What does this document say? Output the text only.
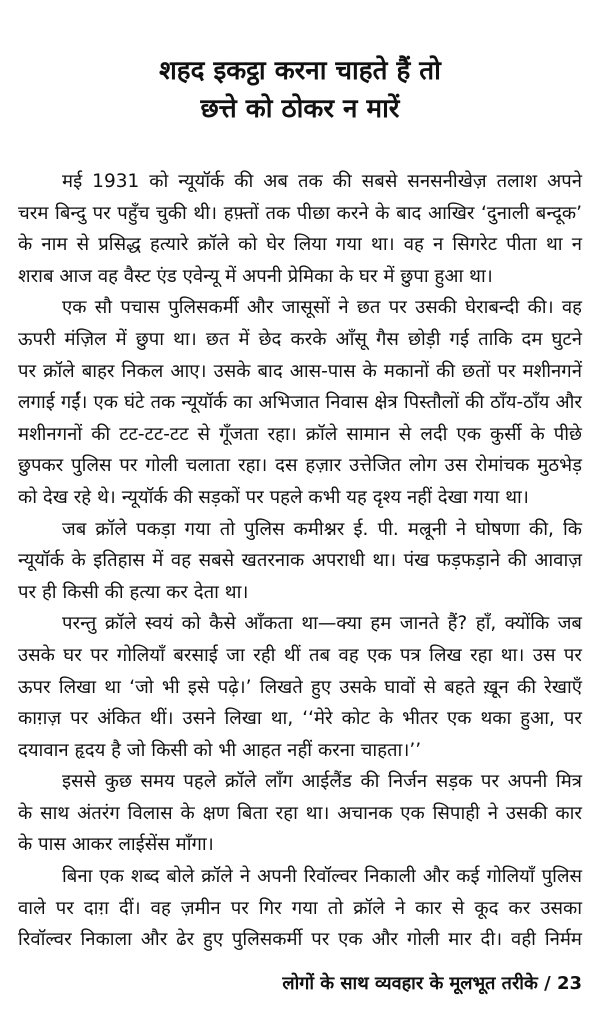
शहद इकट्ठा करना चाहते हैं तो
छत्ते को ठोकर न मारें
मई 1931 को न्यूयॉर्क की अब तक की सबसे सनसनीखेज़ तलाश अपने
चरम बिन्दु पर पहुँच चुकी थी। हफ़्तों तक पीछा करने के बाद आखिर ‘दुनाली बन्दूक’
के नाम से प्रसिद्ध हत्यारे क्रॉले को घेर लिया गया था। वह न सिगरेट पीता था न
शराब आज वह वैस्ट एंड एवेन्यू में अपनी प्रेमिका के घर में छुपा हुआ था।
एक सौ पचास पुलिसकर्मी और जासूसों ने छत पर उसकी घेराबन्दी की। वह
ऊपरी मंज़िल में छुपा था। छत में छेद करके आँसू गैस छोड़ी गई ताकि दम घुटने
पर क्रॉले बाहर निकल आए। उसके बाद आस-पास के मकानों की छतों पर मशीनगनें
लगाई गईं। एक घंटे तक न्यूयॉर्क का अभिजात निवास क्षेत्र पिस्तौलों की ठाँय-ठाँय और
मशीनगनों की टट-टट-टट से गूँजता रहा। क्रॉले सामान से लदी एक कुर्सी के पीछे
छुपकर पुलिस पर गोली चलाता रहा। दस हज़ार उत्तेजित लोग उस रोमांचक मुठभेड़
को देख रहे थे। न्यूयॉर्क की सड़कों पर पहले कभी यह दृश्य नहीं देखा गया था।
जब क्रॉले पकड़ा गया तो पुलिस कमीश्नर ई. पी. मल्रूनी ने घोषणा की, कि
न्यूयॉर्क के इतिहास में वह सबसे खतरनाक अपराधी था। पंख फड़फड़ाने की आवाज़
पर ही किसी की हत्या कर देता था।
परन्तु क्रॉले स्वयं को कैसे आँकता था—क्या हम जानते हैं? हाँ, क्योंकि जब
उसके घर पर गोलियाँ बरसाई जा रही थीं तब वह एक पत्र लिख रहा था। उस पर
ऊपर लिखा था ‘जो भी इसे पढ़े।’ लिखते हुए उसके घावों से बहते ख़ून की रेखाएँ
काग़ज़ पर अंकित थीं। उसने लिखा था, ‘‘मेरे कोट के भीतर एक थका हुआ, पर
दयावान हृदय है जो किसी को भी आहत नहीं करना चाहता।’’
इससे कुछ समय पहले क्रॉले लाँग आईलैंड की निर्जन सड़क पर अपनी मित्र
के साथ अंतरंग विलास के क्षण बिता रहा था। अचानक एक सिपाही ने उसकी कार
के पास आकर लाईसेंस माँगा।
बिना एक शब्द बोले क्रॉले ने अपनी रिवॉल्वर निकाली और कई गोलियाँ पुलिस
वाले पर दाग़ दीं। वह ज़मीन पर गिर गया तो क्रॉले ने कार से कूद कर उसका
रिवॉल्वर निकाला और ढेर हुए पुलिसकर्मी पर एक और गोली मार दी। वही निर्मम
लोगों के साथ व्यवहार के मूलभूत तरीके / 23
